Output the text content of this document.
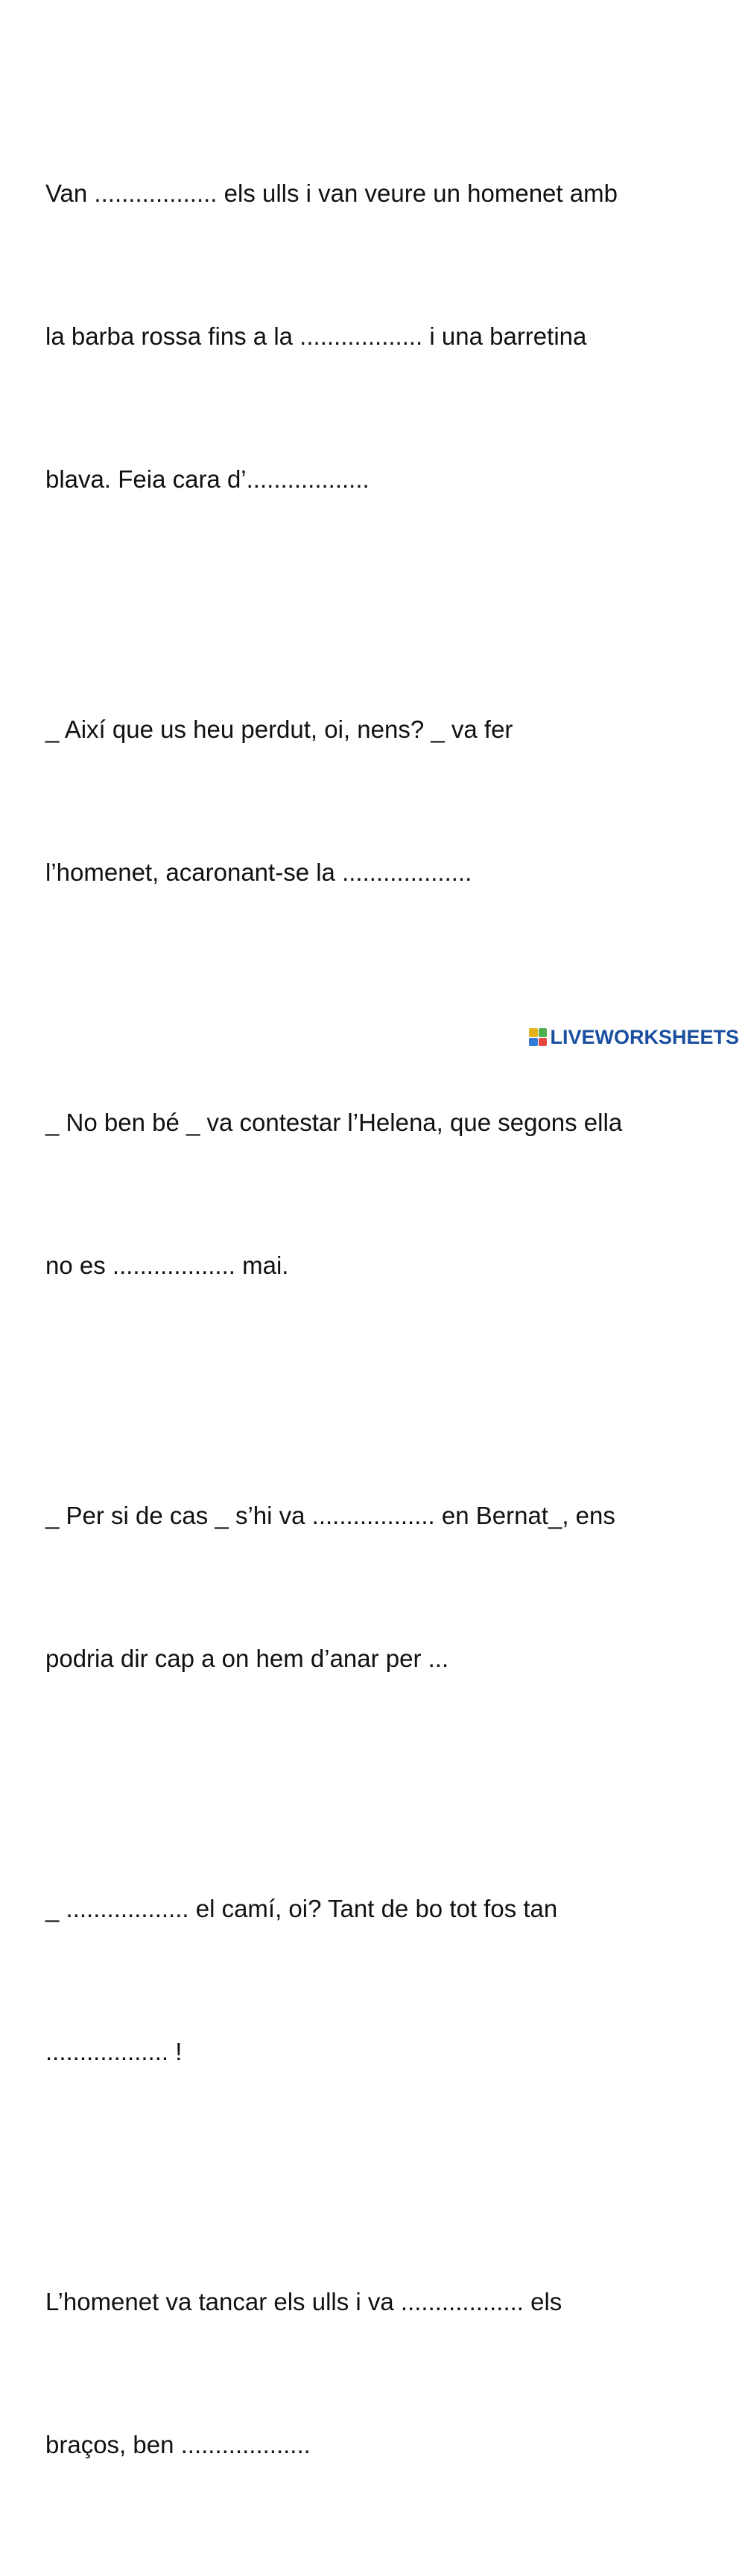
Van .................. els ulls i van veure un homenet amb

la barba rossa fins a la .................. i una barretina

blava. Feia cara d’..................

_ Així que us heu perdut, oi, nens? _ va fer

l’homenet, acaronant-se la ...................

_ No ben bé _ va contestar l’Helena, que segons ella

no es .................. mai.

_ Per si de cas _ s’hi va .................. en Bernat_, ens

podria dir cap a on hem d’anar per ...

_ .................. el camí, oi? Tant de bo tot fos tan

.................. !

L’homenet va tancar els ulls i va .................. els

braços, ben ...................

LIVEWORKSHEETS
